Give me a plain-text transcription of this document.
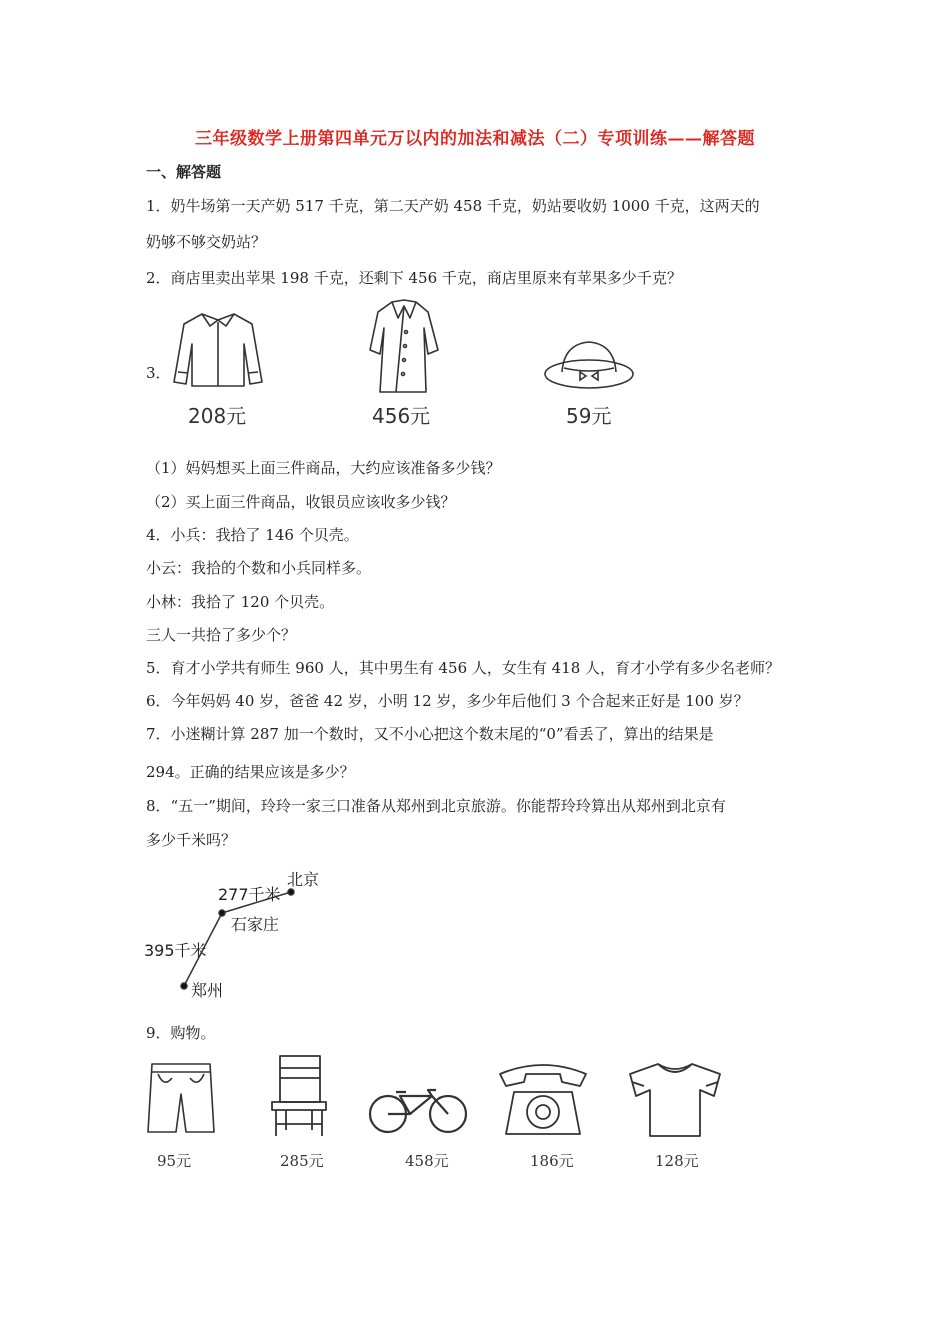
三年级数学上册第四单元万以内的加法和减法（二）专项训练——解答题
一、解答题
1．奶牛场第一天产奶 517 千克，第二天产奶 458 千克，奶站要收奶 1000 千克，这两天的
奶够不够交奶站？
2．商店里卖出苹果 198 千克，还剩下 456 千克，商店里原来有苹果多少千克？
3．
208元	456元	59元
（1）妈妈想买上面三件商品，大约应该准备多少钱？
（2）买上面三件商品，收银员应该收多少钱？
4．小兵：我拾了 146 个贝壳。
小云：我拾的个数和小兵同样多。
小林：我拾了 120 个贝壳。
三人一共拾了多少个？
5．育才小学共有师生 960 人，其中男生有 456 人，女生有 418 人，育才小学有多少名老师？
6．今年妈妈 40 岁，爸爸 42 岁，小明 12 岁，多少年后他们 3 个合起来正好是 100 岁？
7．小迷糊计算 287 加一个数时，又不小心把这个数末尾的“0”看丢了，算出的结果是
294。正确的结果应该是多少？
8．“五一”期间，玲玲一家三口准备从郑州到北京旅游。你能帮玲玲算出从郑州到北京有
多少千米吗？
北京
石家庄
郑州
277千米
395千米
9．购物。
95元	285元	458元	186元	128元
